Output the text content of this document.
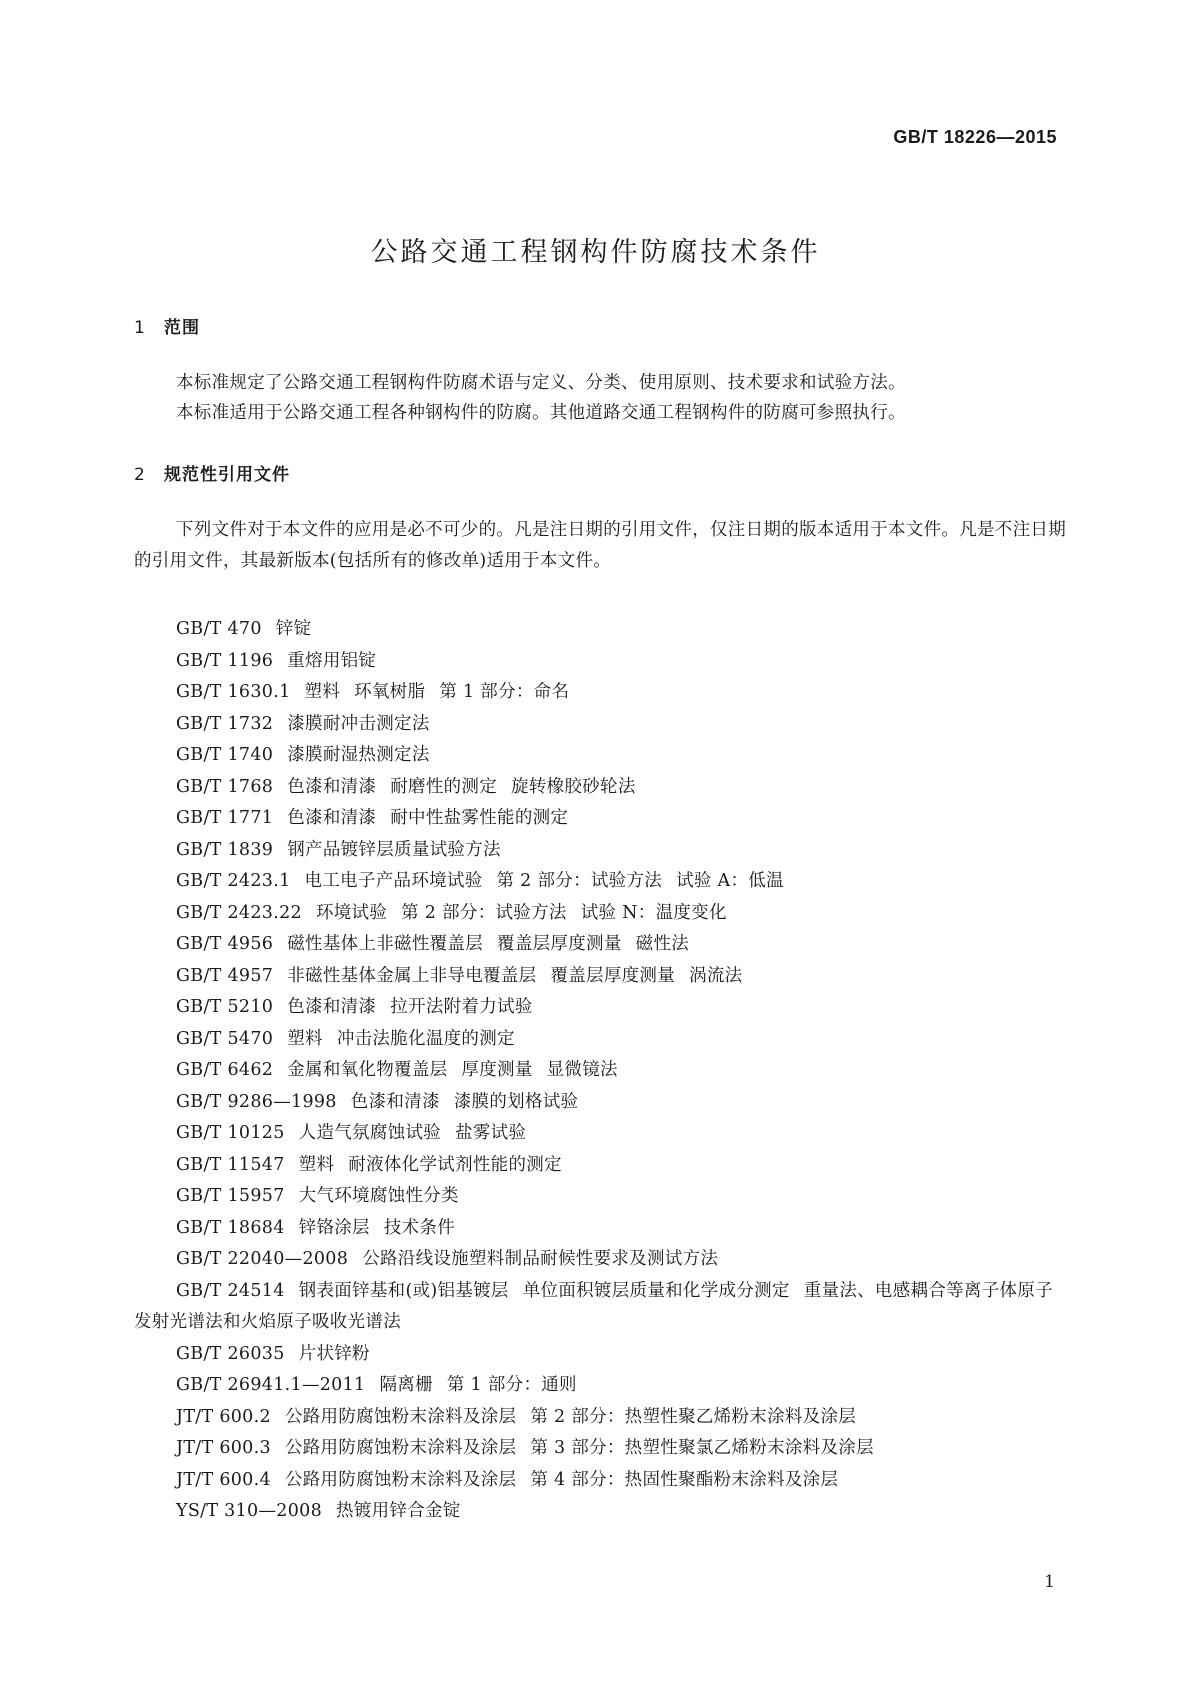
GB/T 18226—2015
公路交通工程钢构件防腐技术条件
1 范围
本标准规定了公路交通工程钢构件防腐术语与定义、分类、使用原则、技术要求和试验方法。
本标准适用于公路交通工程各种钢构件的防腐。其他道路交通工程钢构件的防腐可参照执行。
2 规范性引用文件
下列文件对于本文件的应用是必不可少的。凡是注日期的引用文件，仅注日期的版本适用于本文件。凡是不注日期的引用文件，其最新版本(包括所有的修改单)适用于本文件。
GB/T 470 锌锭
GB/T 1196 重熔用铝锭
GB/T 1630.1 塑料 环氧树脂 第 1 部分：命名
GB/T 1732 漆膜耐冲击测定法
GB/T 1740 漆膜耐湿热测定法
GB/T 1768 色漆和清漆 耐磨性的测定 旋转橡胶砂轮法
GB/T 1771 色漆和清漆 耐中性盐雾性能的测定
GB/T 1839 钢产品镀锌层质量试验方法
GB/T 2423.1 电工电子产品环境试验 第 2 部分：试验方法 试验 A：低温
GB/T 2423.22 环境试验 第 2 部分：试验方法 试验 N：温度变化
GB/T 4956 磁性基体上非磁性覆盖层 覆盖层厚度测量 磁性法
GB/T 4957 非磁性基体金属上非导电覆盖层 覆盖层厚度测量 涡流法
GB/T 5210 色漆和清漆 拉开法附着力试验
GB/T 5470 塑料 冲击法脆化温度的测定
GB/T 6462 金属和氧化物覆盖层 厚度测量 显微镜法
GB/T 9286—1998 色漆和清漆 漆膜的划格试验
GB/T 10125 人造气氛腐蚀试验 盐雾试验
GB/T 11547 塑料 耐液体化学试剂性能的测定
GB/T 15957 大气环境腐蚀性分类
GB/T 18684 锌铬涂层 技术条件
GB/T 22040—2008 公路沿线设施塑料制品耐候性要求及测试方法
GB/T 24514 钢表面锌基和(或)铝基镀层 单位面积镀层质量和化学成分测定 重量法、电感耦合等离子体原子发射光谱法和火焰原子吸收光谱法
GB/T 26035 片状锌粉
GB/T 26941.1—2011 隔离栅 第 1 部分：通则
JT/T 600.2 公路用防腐蚀粉末涂料及涂层 第 2 部分：热塑性聚乙烯粉末涂料及涂层
JT/T 600.3 公路用防腐蚀粉末涂料及涂层 第 3 部分：热塑性聚氯乙烯粉末涂料及涂层
JT/T 600.4 公路用防腐蚀粉末涂料及涂层 第 4 部分：热固性聚酯粉末涂料及涂层
YS/T 310—2008 热镀用锌合金锭
1
